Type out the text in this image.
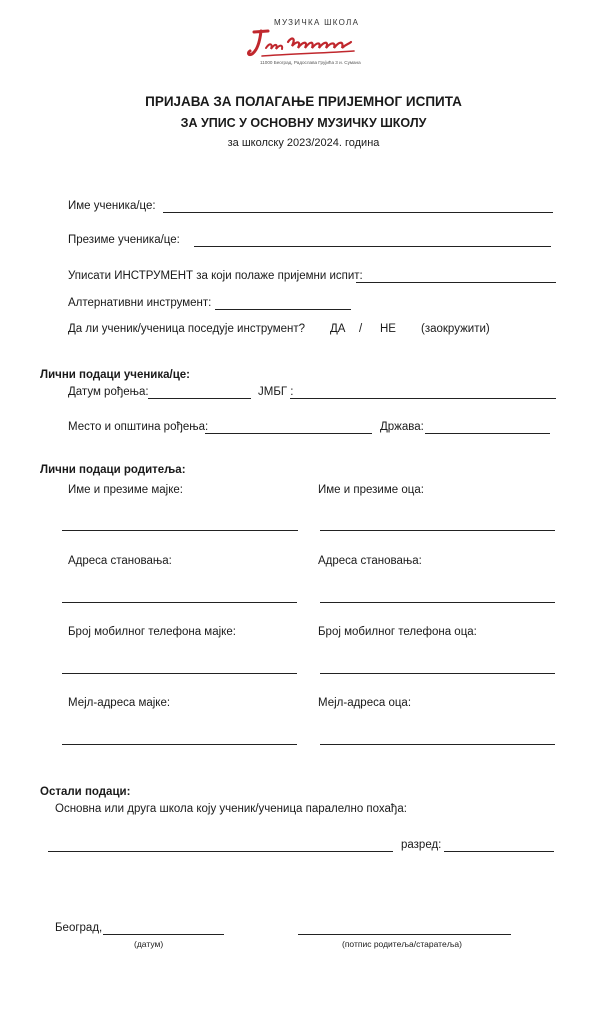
МУЗИЧКА ШКОЛА
11000 Београд, Радослава Грујића 3 и. Суманa
ПРИЈАВА ЗА ПОЛАГАЊЕ ПРИЈЕМНОГ ИСПИТА
ЗА УПИС У ОСНОВНУ МУЗИЧКУ ШКОЛУ
за школску 2023/2024. година
Име ученика/це:
Презиме ученика/це:
Уписати ИНСТРУМЕНТ за који полаже пријемни испит:
Алтернативни инструмент:
Да ли ученик/ученица поседује инструмент? ДА / НЕ (заокружити)
Лични подаци ученика/це:
Датум рођења:	ЈМБГ :
Место и општина рођења:	Држава:
Лични подаци родитеља:
Име и презиме мајке:	Име и презиме оца:
Адреса становања:	Адреса становања:
Број мобилног телефона мајке:	Број мобилног телефона оца:
Мејл-адреса мајке:	Мејл-адреса оца:
Остали подаци:
Основна или друга школа коју ученик/ученица паралелно похађа:
разред:
Београд,
(датум)	(потпис родитеља/старатеља)
